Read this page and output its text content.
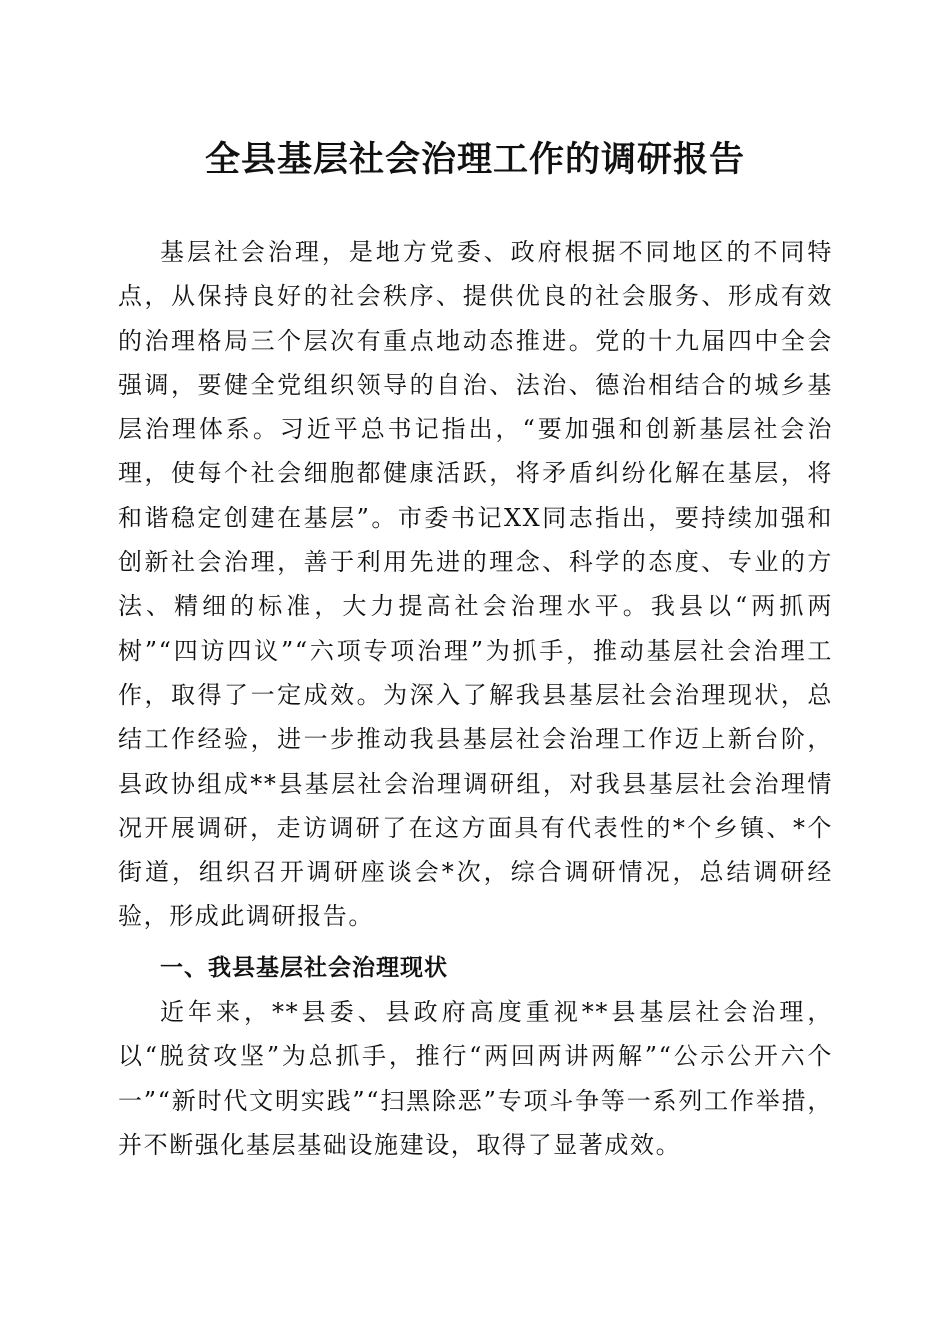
全县基层社会治理工作的调研报告

基层社会治理，是地方党委、政府根据不同地区的不同特点，从保持良好的社会秩序、提供优良的社会服务、形成有效的治理格局三个层次有重点地动态推进。党的十九届四中全会强调，要健全党组织领导的自治、法治、德治相结合的城乡基层治理体系。习近平总书记指出，“要加强和创新基层社会治理，使每个社会细胞都健康活跃，将矛盾纠纷化解在基层，将和谐稳定创建在基层”。市委书记XX同志指出，要持续加强和创新社会治理，善于利用先进的理念、科学的态度、专业的方法、精细的标准，大力提高社会治理水平。我县以“两抓两树”“四访四议”“六项专项治理”为抓手，推动基层社会治理工作，取得了一定成效。为深入了解我县基层社会治理现状，总结工作经验，进一步推动我县基层社会治理工作迈上新台阶，县政协组成**县基层社会治理调研组，对我县基层社会治理情况开展调研，走访调研了在这方面具有代表性的*个乡镇、*个街道，组织召开调研座谈会*次，综合调研情况，总结调研经验，形成此调研报告。

一、我县基层社会治理现状

近年来，**县委、县政府高度重视**县基层社会治理，以“脱贫攻坚”为总抓手，推行“两回两讲两解”“公示公开六个一”“新时代文明实践”“扫黑除恶”专项斗争等一系列工作举措，并不断强化基层基础设施建设，取得了显著成效。
